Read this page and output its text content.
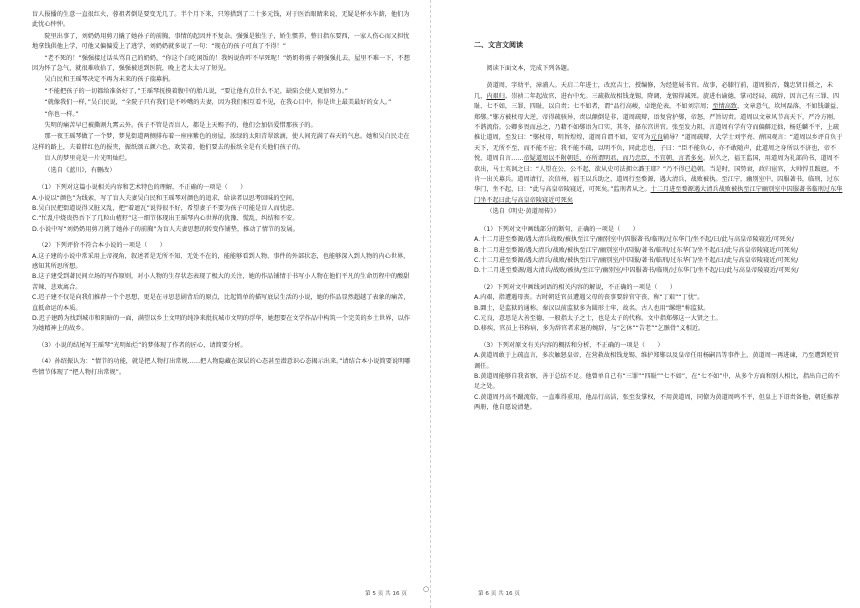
盲人报播的生意一直很红火，蓉祖者倒是要变无几了。半个月下来，只筹措到了二十多元钱，对于医治眼睛来说，无疑是杯水车薪，他们为此忧心忡忡。

院里出事了，刘奶奶用剪刀撬了她孙子的前胸，事情的起因并不复杂。强强是独生子，娇生惯养，整日指东要西，一家人伤心而又担忧地拿钱供他上学，可他又偏偏爱上了逃学，刘奶奶就多说了一句：“现在的孩子可真了不得！”

“老不死的！”强强接过话头骂自己的奶奶，“你这个白吃闲饭的！我妈说你咋不早死呢！”奶奶将剪子朝强强扎去，屋里不难一下，不想因为怀了急气，就很难收拾了，强强被送到医院，晚上老太太习了短见。

吴白民和王瑶琴决定不再为未来的孩子揣募捐。

“不能把孩子的一切都给准备好了，”王瑶琴抚摸着腹中的胎儿说，“要让他有点什么不足，缺陷会使人更加努力。”

“就像我们一样，”吴白民说，“全院子只有我们是不吵嘴的夫妻，因为我们相互看不见，在我心目中，你是世上最美最好的女人。”

“你也一样。”

失明的痛苦早已被撕割九霄云外。孩子不管是否盲人，都是上天赐予的，他们会加倍爱惜那孩子的。

那一夜王瑶琴做了一个梦，梦见街道两侧排布着一座座紫色的房屋，浓绿的太阳青翠欲滴，使人间充满了春天的气息。她和吴白民走在这样的路上，夫着胖红色的报夹，振纸颂五颜六色，欢笑着，他们要去的报纸全是有关他们孩子的。

盲人的梦里竟是一片光明灿烂。

（选自《蓝川》，有删改）

（1）下列对这篇小说相关内容和艺术特色的理解，不正确的一项是（　　）

A.小说以“颜色”为线索，写了盲人夫妻吴白民和王瑶琴对颜色的追求，给读者以思考回味的空间。

B.吴白民把街道说得又脏又乱，把“着遮瓦”说得很不好，希望妻子不要为孩子可能是盲人而忧虑。

C.“忙乱中烧贵热吾下了几粒山楂籽”这一细节体现出王瑶琴内心世界的犹豫、慌乱、纠结和不安。

D.小说中写“刘奶奶用剪刀挑了她孙子的前胸”为盲人夫妻思想的转变作铺垫，推动了情节的发展。

（2）下列评价不符合本小说的一项是（　　）

A.这子建的小说中常采用上帝视角，叙述者是无所不知、无处不在的，能能够看到人物、事件的外部状态，也能够深入到人物的内心世界，感知其所思所想。

B.这子建受到著民间立场的写作原则，对小人物的生存状态表现了极大的关注，她的作品铺情于书写小人物在他们平凡的生命历程中的酸甜苦辣、悲欢离合。

C.迟子建不仅是向我们推荐一个个思想，更是在寻思悲剧背后的原点，比起简单的描写底层生活的小说，她的作品显然超越了表象的痛苦，直抵命运的本质。

D.迟子建踌为找到城市和阴暗的一面，满望以乡土文明的纯净来批抗城市文明的浮华，她想要在文学作品中构筑一个完美的乡土世界，以作为她精神上的故乡。

（3）小说的结尾写王瑶琴“光明灿烂”的梦体现了作者的匠心，请简要分析。

（4）孙绍振认为：“情节的功能，就是把人物打出常规……把人物隐藏在深层的心态甚至潜意识心态揭示出来。”请结合本小说简要说明哪些情节体现了“把人物打出常规”。

二、文言文阅读

阅读下面文本，完成下列各题。

黄道周，字幼平，漳浦人。天启二年进士，改庶吉士，授编修，为经筵展书官。故事，必膝行前，道周独否，魏忠贤目摄之，未几，内艰归。崇祯二年起故官，进右中允。三疏救故相钱龙锡，降调，龙锡得减死。旋进右谕德，掌司经局，疏辞，因言己有三罪、四耻、七不如，三罪、四耻，以自责；七不如者，谓“品行高峻，卓绝伦表，不如刘宗周；至情高致，文章意气，坎坷磊落，不如钱谦益、郑鄤。”鄤方被杖母大逆，帝得疏骇异，责以颠倒是非，道周疏辩，语复营护鄤，帝怒，严旨切责。道周以文章风节高天下，严冷方刚，不谐流俗。公卿多畏而忌之，乃藉不如鄤语为口实，其冬，择东宫讲官。张至发力阻，言道周有学有守而偏僻迂拙，杨廷麟不平，上疏推让道周，至发曰：“鄤杖母，明旨煌煌，道周自谓不如，安可为元良辅导？”道周疏辩，大学士刘宇亮、薛国观言：“道周以乡评自负于天下，无所不至，而不能不应；我不能不疏，以明不负，同此忠也，子曰：“臣不能负心，亦不敢随声，此道周之身所以不济也，帝不悦，道周自言……帝疑道周以不附朝廷，亦所谓明君，而乃忠臣，不宜朝，言者多矣。居久之，福王监国，用道周为礼部尚书，道周不欲出，马士英讽之曰：“人望在公，公不起，欲从史可法拥立潞王耶？”乃不得已趋朝。当是时，国势衰，政归宦官，大帅悍且跋扈，不肯一出关募兵。道周请行，次信州，福王以兵助之，道周行至婺源，遇大清兵，战败被执。至江宁，幽别室中，囚服著书，临刑，过东华门，坐不起，曰：“此与高皇帝陵寝近，可死矣。”监刑者从之。十二月进至婺源遇大清兵战败被执至江宁幽别室中囚服著书临刑过东华门坐不起曰此与高皇帝陵寝近可死矣

（选自《明史·黄道周传》）

（1）下列对文中画线部分的断句，正确的一项是（　　）

A.十二月进至婺源/遇大清兵战败/被执至江宁/幽别室中/囚服著书/临刑/过东华门/坐不起/曰/此与高皇帝陵寝近/可死矣/

B.十二月进至婺源/遇大清兵/战败/被执至江宁/幽别室中/囚服/著书/临刑/过东华门/坐不起/曰/此与高皇帝陵寝近/可死矣/

C.十二月进至婺源/遇大清兵/战败/被执至江宁/幽别室/中囚服/著书/临刑/过东华门/坐不起/曰/此与高皇帝陵寝近/可死矣/

D.十二月进至婺源/遇大清兵/战败/被执/至江宁/幽别室/中囚服著书/临刑/过东华门/坐不起/曰/此与高皇帝陵寝近/可死矣/

（2）下列对文中画线词语的相关内容的解说，不正确的一项是（　　）

A.内艰，指遭遇母丧。古时朝廷官员遭遇父母的丧事要辞官守丧，称“丁艰”“丁忧”。

B.圜土，是监狱的通称。秦汉以前监狱多为圆形土牢，故名。古人也用“缧绁”称监狱。

C.元良，意思是大善至德，一般指太子之士，也是太子的代称。文中指郑鄤这一大贤之士。

D.移疾，官员上书称病，多为辞官者求退的婉辞，与“乞休”“告老”“乞骸骨”义相近。

（3）下列对原文有关内容的概括和分析，不正确的一项是（　　）

A.黄道周敢于上疏直言，多次触怒皇帝，在营救故相钱龙锡、维护郑鄤以及皇帝任用杨嗣昌等事件上，黄道周一再进谏，乃至遭到贬官调任。

B.黄道周能够自我省察，善于总结不足。他曾单自己有“三罪”“四耻”“七不如”，在“七不如”中，从多个方面和别人相比，指出自己的不足之处。

C.黄道周丹高不蹴流俗，一直难得重用，他品行高洁，张至发掌权，不用黄道周，同僚为黄道周鸣不平，但皇上下诏责备他，朝廷推荐两册，他自愿说清楚。

第 5 页 共 16 页
○
第 6 页 共 16 页
